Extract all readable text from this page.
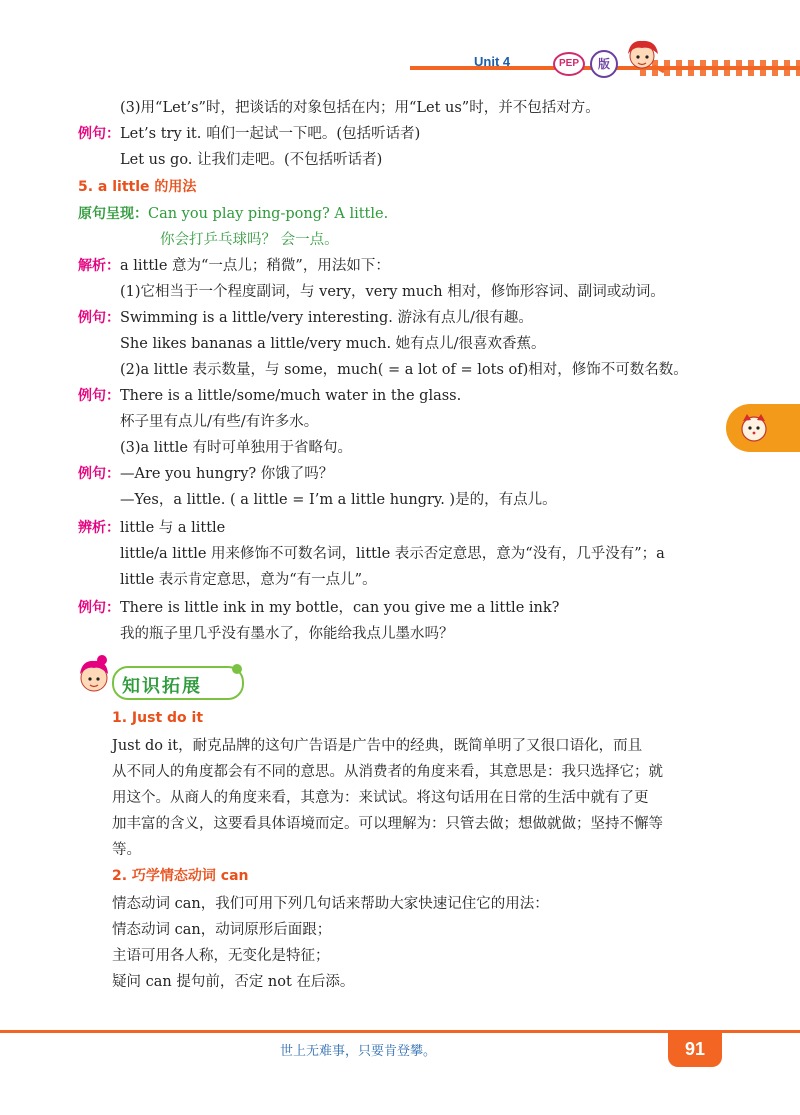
Unit 4	PEP	版
(3)用“Let’s”时，把谈话的对象包括在内；用“Let us”时，并不包括对方。
例句：Let’s try it. 咱们一起试一下吧。(包括听话者)
Let us go. 让我们走吧。(不包括听话者)
5. a little 的用法
原句呈现：Can you play ping-pong? A little.
你会打乒乓球吗？ 会一点。
解析：a little 意为“一点儿；稍微”，用法如下：
(1)它相当于一个程度副词，与 very，very much 相对，修饰形容词、副词或动词。
例句：Swimming is a little/very interesting. 游泳有点儿/很有趣。
She likes bananas a little/very much. 她有点儿/很喜欢香蕉。
(2)a little 表示数量，与 some，much( = a lot of = lots of)相对，修饰不可数名数。
例句：There is a little/some/much water in the glass.
杯子里有点儿/有些/有许多水。
(3)a little 有时可单独用于省略句。
例句：—Are you hungry? 你饿了吗？
—Yes，a little. ( a little = I’m a little hungry. )是的，有点儿。
辨析：little 与 a little
little/a little 用来修饰不可数名词，little 表示否定意思，意为“没有，几乎没有”；a
little 表示肯定意思，意为“有一点儿”。
例句：There is little ink in my bottle，can you give me a little ink?
我的瓶子里几乎没有墨水了，你能给我点儿墨水吗？
知识拓展
1. Just do it
Just do it，耐克品牌的这句广告语是广告中的经典，既简单明了又很口语化，而且
从不同人的角度都会有不同的意思。从消费者的角度来看，其意思是：我只选择它；就
用这个。从商人的角度来看，其意为：来试试。将这句话用在日常的生活中就有了更
加丰富的含义，这要看具体语境而定。可以理解为：只管去做；想做就做；坚持不懈等
等。
2. 巧学情态动词 can
情态动词 can，我们可用下列几句话来帮助大家快速记住它的用法：
情态动词 can，动词原形后面跟；
主语可用各人称，无变化是特征；
疑问 can 提句前，否定 not 在后添。
世上无难事，只要肯登攀。	91
